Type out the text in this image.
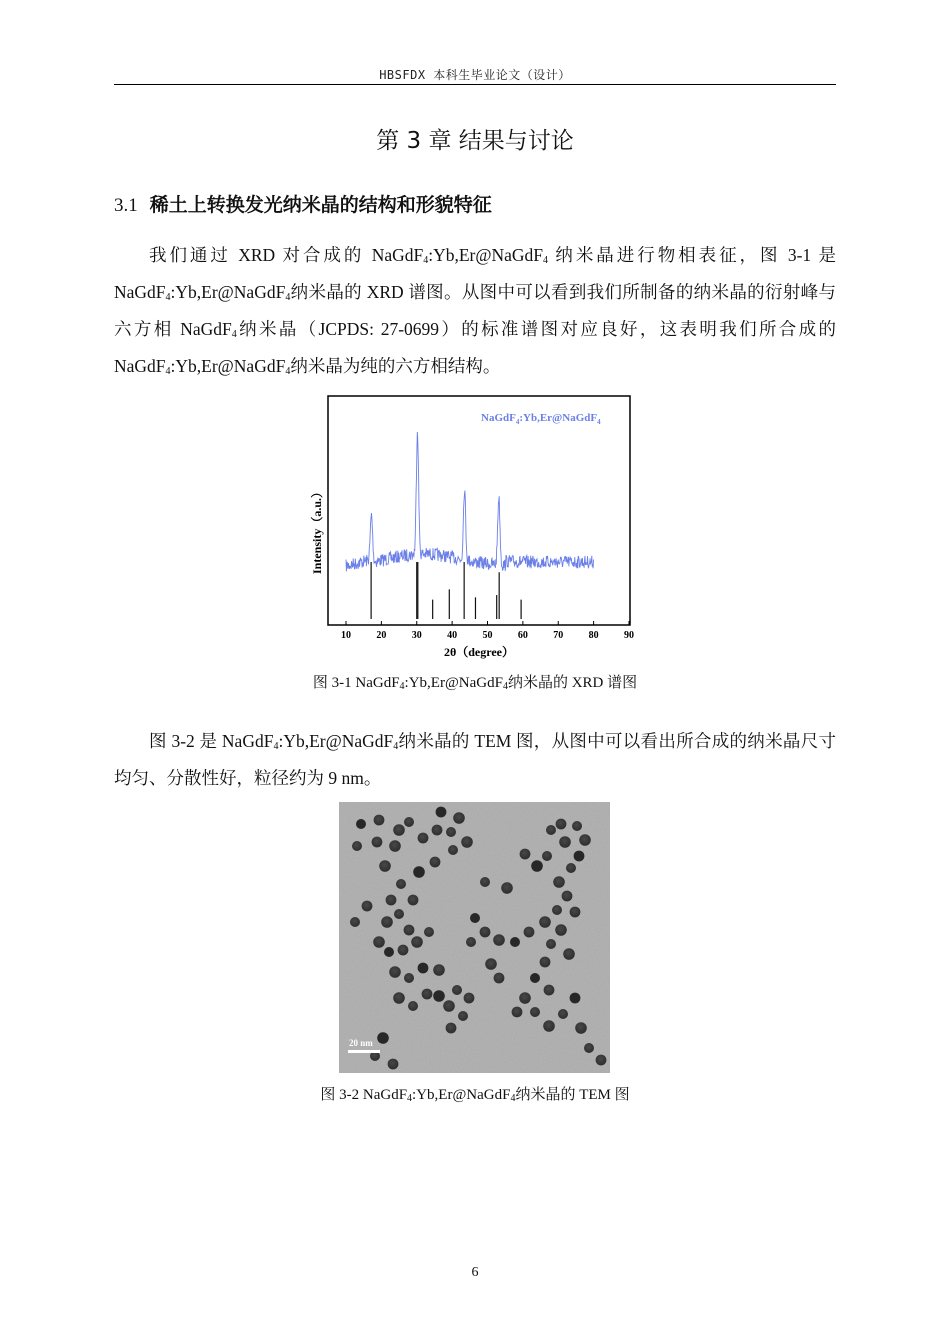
HBSFDX 本科生毕业论文（设计）
第 3 章 结果与讨论
3.1 稀土上转换发光纳米晶的结构和形貌特征
我们通过 XRD 对合成的 NaGdF$_4$:Yb,Er@NaGdF$_4$ 纳米晶进行物相表征，图 3-1 是 NaGdF$_4$:Yb,Er@NaGdF$_4$纳米晶的 XRD 谱图。从图中可以看到我们所制备的纳米晶的衍射峰与六方相 NaGdF$_4$纳米晶（JCPDS: 27-0699）的标准谱图对应良好，这表明我们所合成的 NaGdF$_4$:Yb,Er@NaGdF$_4$纳米晶为纯的六方相结构。
10	20	30	40	50	60	70	80	90
NaGdF$_4$:Yb,Er@NaGdF$_4$
2θ（degree）
Intensity（a.u.）
图 3-1 NaGdF$_4$:Yb,Er@NaGdF$_4$纳米晶的 XRD 谱图
图 3-2 是 NaGdF$_4$:Yb,Er@NaGdF$_4$纳米晶的 TEM 图，从图中可以看出所合成的纳米晶尺寸均匀、分散性好，粒径约为 9 nm。
20 nm
图 3-2 NaGdF$_4$:Yb,Er@NaGdF$_4$纳米晶的 TEM 图
6
